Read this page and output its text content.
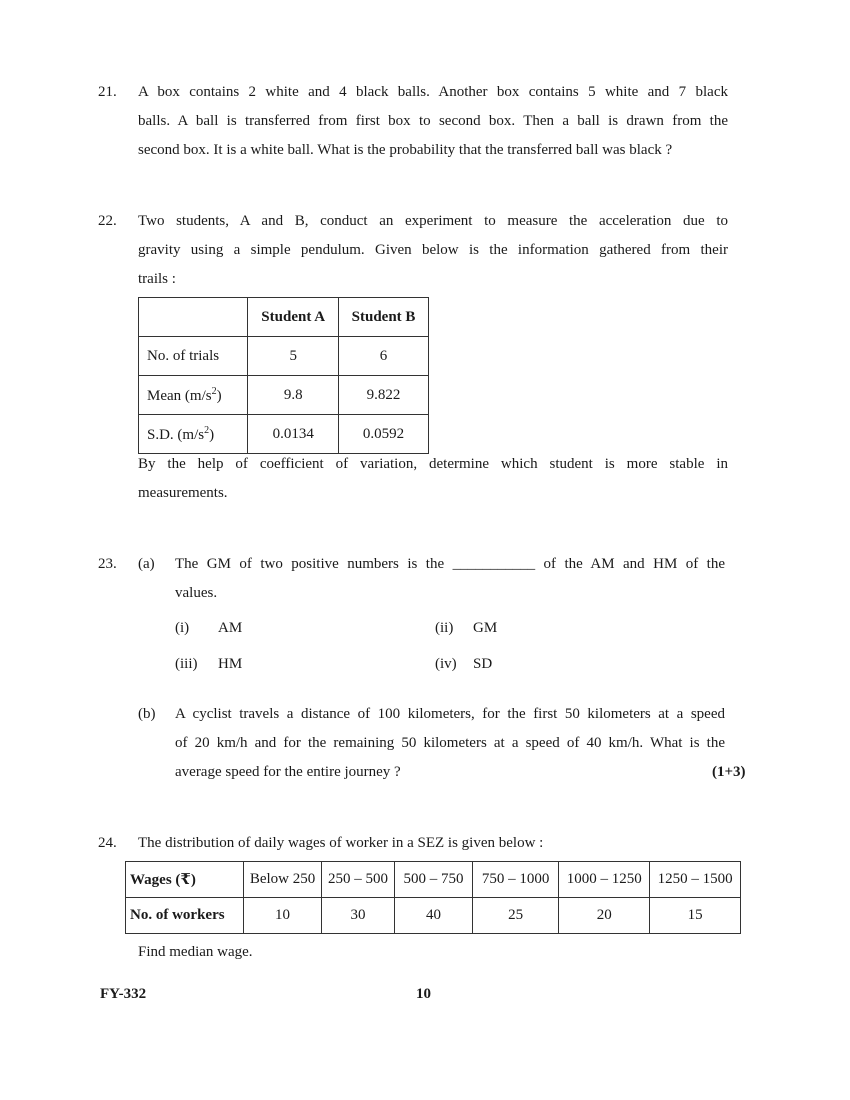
21.	A box contains 2 white and 4 black balls. Another box contains 5 white and 7 black
balls. A ball is transferred from first box to second box. Then a ball is drawn from the
second box. It is a white ball. What is the probability that the transferred ball was black ?
22.	Two students, A and B, conduct an experiment to measure the acceleration due to
gravity using a simple pendulum. Given below is the information gathered from their
trails :
	Student A	Student B
No. of trials	5	6
Mean $(m/s^2)$	9.8	9.822
S.D. $(m/s^2)$	0.0134	0.0592
By the help of coefficient of variation, determine which student is more stable in
measurements.
23. (a) The GM of two positive numbers is the ___________ of the AM and HM of the
values.
(i) AM	(ii) GM
(iii) HM	(iv) SD
(b) A cyclist travels a distance of 100 kilometers, for the first 50 kilometers at a speed
of 20 km/h and for the remaining 50 kilometers at a speed of 40 km/h. What is the
average speed for the entire journey ?	(1+3)
24. The distribution of daily wages of worker in a SEZ is given below :
Wages (₹)	Below 250	250 – 500	500 – 750	750 – 1000	1000 – 1250	1250 – 1500
No. of workers	10	30	40	25	20	15
Find median wage.
FY-332	10
